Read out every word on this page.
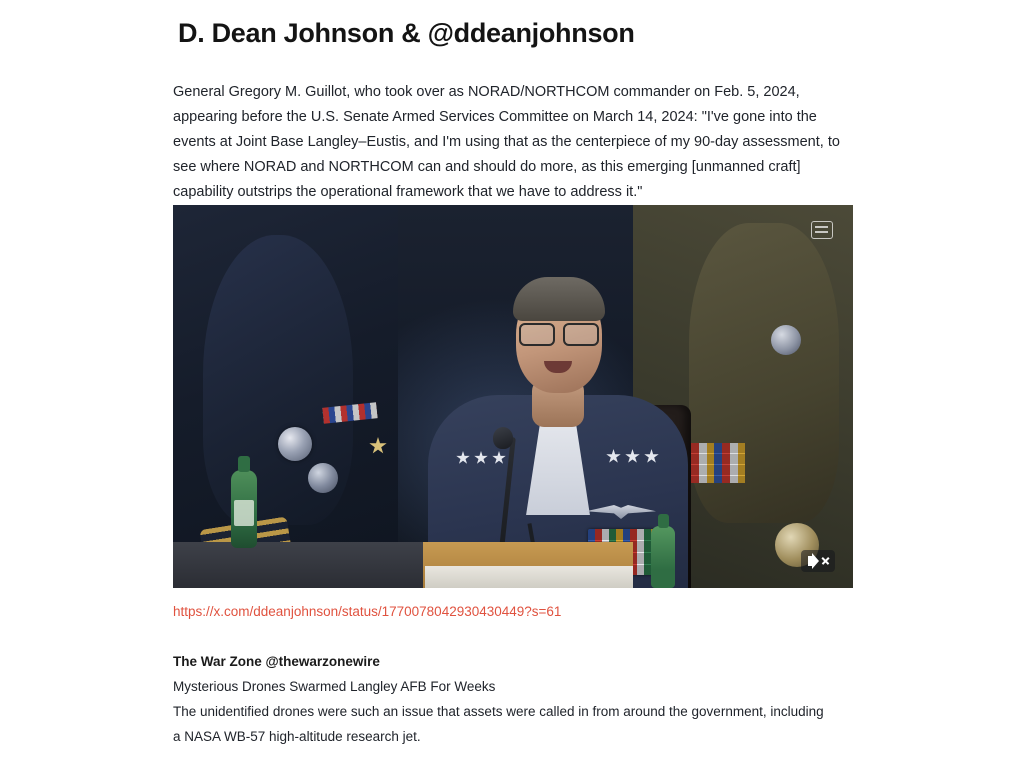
D. Dean Johnson & @ddeanjohnson
General Gregory M. Guillot, who took over as NORAD/NORTHCOM commander on Feb. 5, 2024, appearing before the U.S. Senate Armed Services Committee on March 14, 2024: "I've gone into the events at Joint Base Langley–Eustis, and I'm using that as the centerpiece of my 90-day assessment, to see where NORAD and NORTHCOM can and should do more, as this emerging [unmanned craft] capability outstrips the operational framework that we have to address it."
https://x.com/ddeanjohnson/status/1770078042930430449?s=61
The War Zone @thewarzonewire
Mysterious Drones Swarmed Langley AFB For Weeks
The unidentified drones were such an issue that assets were called in from around the government, including a NASA WB-57 high-altitude research jet.
